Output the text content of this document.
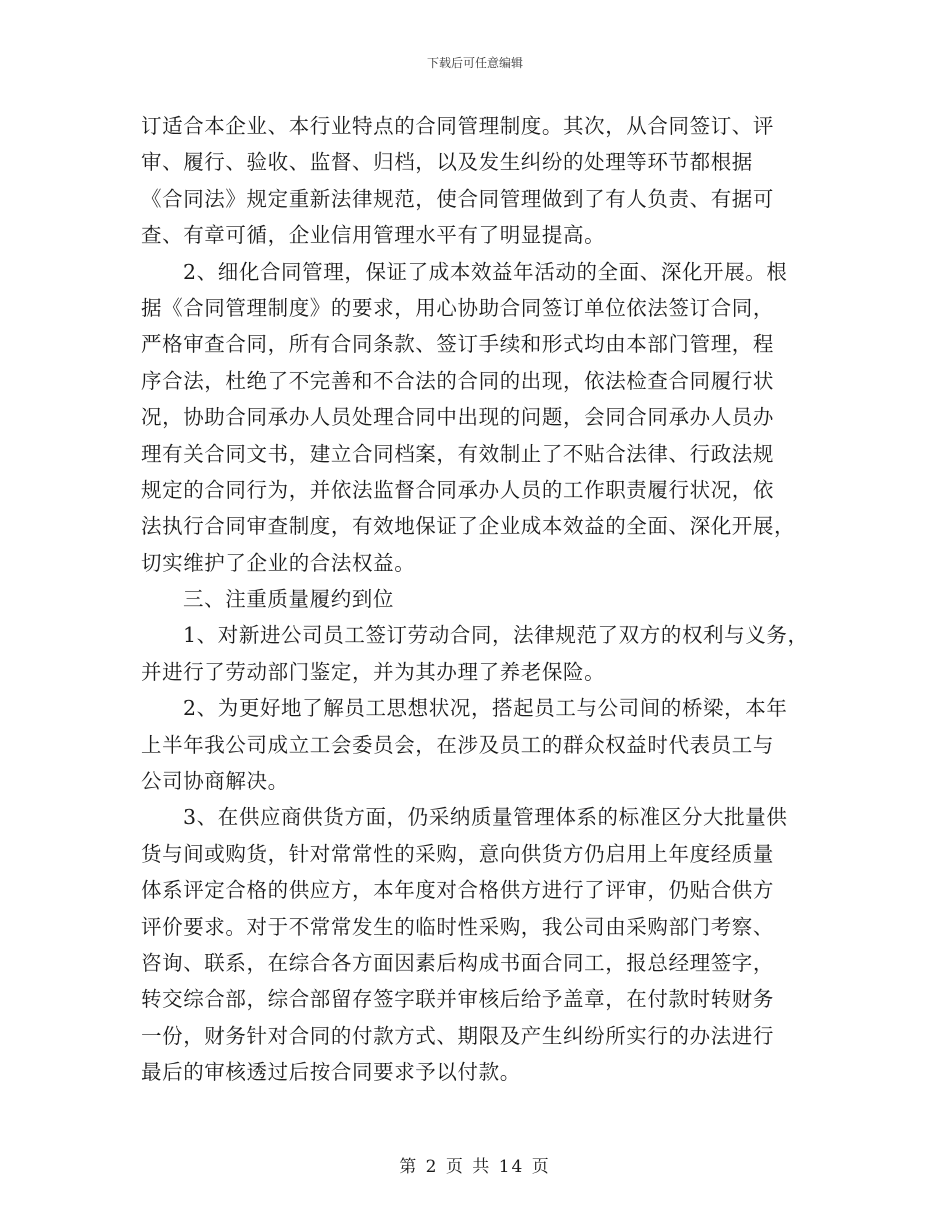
下载后可任意编辑
订适合本企业、本行业特点的合同管理制度。其次，从合同签订、评
审、履行、验收、监督、归档，以及发生纠纷的处理等环节都根据
《合同法》规定重新法律规范，使合同管理做到了有人负责、有据可
查、有章可循，企业信用管理水平有了明显提高。
2、细化合同管理，保证了成本效益年活动的全面、深化开展。根
据《合同管理制度》的要求，用心协助合同签订单位依法签订合同，
严格审查合同，所有合同条款、签订手续和形式均由本部门管理，程
序合法，杜绝了不完善和不合法的合同的出现，依法检查合同履行状
况，协助合同承办人员处理合同中出现的问题，会同合同承办人员办
理有关合同文书，建立合同档案，有效制止了不贴合法律、行政法规
规定的合同行为，并依法监督合同承办人员的工作职责履行状况，依
法执行合同审查制度，有效地保证了企业成本效益的全面、深化开展，
切实维护了企业的合法权益。
三、注重质量履约到位
1、对新进公司员工签订劳动合同，法律规范了双方的权利与义务，
并进行了劳动部门鉴定，并为其办理了养老保险。
2、为更好地了解员工思想状况，搭起员工与公司间的桥梁，本年
上半年我公司成立工会委员会，在涉及员工的群众权益时代表员工与
公司协商解决。
3、在供应商供货方面，仍采纳质量管理体系的标准区分大批量供
货与间或购货，针对常常性的采购，意向供货方仍启用上年度经质量
体系评定合格的供应方，本年度对合格供方进行了评审，仍贴合供方
评价要求。对于不常常发生的临时性采购，我公司由采购部门考察、
咨询、联系，在综合各方面因素后构成书面合同工，报总经理签字，
转交综合部，综合部留存签字联并审核后给予盖章，在付款时转财务
一份，财务针对合同的付款方式、期限及产生纠纷所实行的办法进行
最后的审核透过后按合同要求予以付款。
第 2 页 共 14 页
